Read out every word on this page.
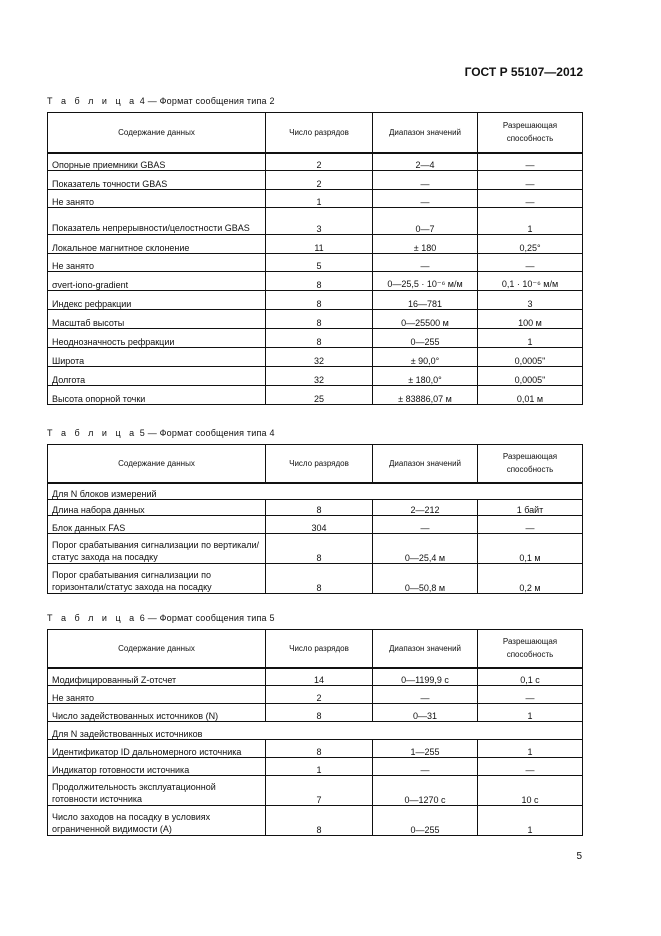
ГОСТ Р 55107—2012
Т а б л и ц а 4 — Формат сообщения типа 2
Содержание данных	Число разрядов	Диапазон значений	Разрешающая способность
Опорные приемники GBAS	2	2—4	—
Показатель точности GBAS	2	—	—
Не занято	1	—	—
Показатель непрерывности/целостности GBAS	3	0—7	1
Локальное магнитное склонение	11	± 180	0,25°
Не занято	5	—	—
σvert-iono-gradient	8	0—25,5 · 10⁻⁶ м/м	0,1 · 10⁻⁶ м/м
Индекс рефракции	8	16—781	3
Масштаб высоты	8	0—25500 м	100 м
Неоднозначность рефракции	8	0—255	1
Широта	32	± 90,0°	0,0005"
Долгота	32	± 180,0°	0,0005"
Высота опорной точки	25	± 83886,07 м	0,01 м
Т а б л и ц а 5 — Формат сообщения типа 4
Содержание данных	Число разрядов	Диапазон значений	Разрешающая способность
Для N блоков измерений			
Длина набора данных	8	2—212	1 байт
Блок данных FAS	304	—	—
Порог срабатывания сигнализации по вертикали/статус захода на посадку	8	0—25,4 м	0,1 м
Порог срабатывания сигнализации по горизонтали/статус захода на посадку	8	0—50,8 м	0,2 м
Т а б л и ц а 6 — Формат сообщения типа 5
Содержание данных	Число разрядов	Диапазон значений	Разрешающая способность
Модифицированный Z-отсчет	14	0—1199,9 с	0,1 с
Не занято	2	—	—
Число задействованных источников (N)	8	0—31	1
Для N задействованных источников			
Идентификатор ID дальномерного источника	8	1—255	1
Индикатор готовности источника	1	—	—
Продолжительность эксплуатационной готовности источника	7	0—1270 с	10 с
Число заходов на посадку в условиях ограниченной видимости (A)	8	0—255	1
5
